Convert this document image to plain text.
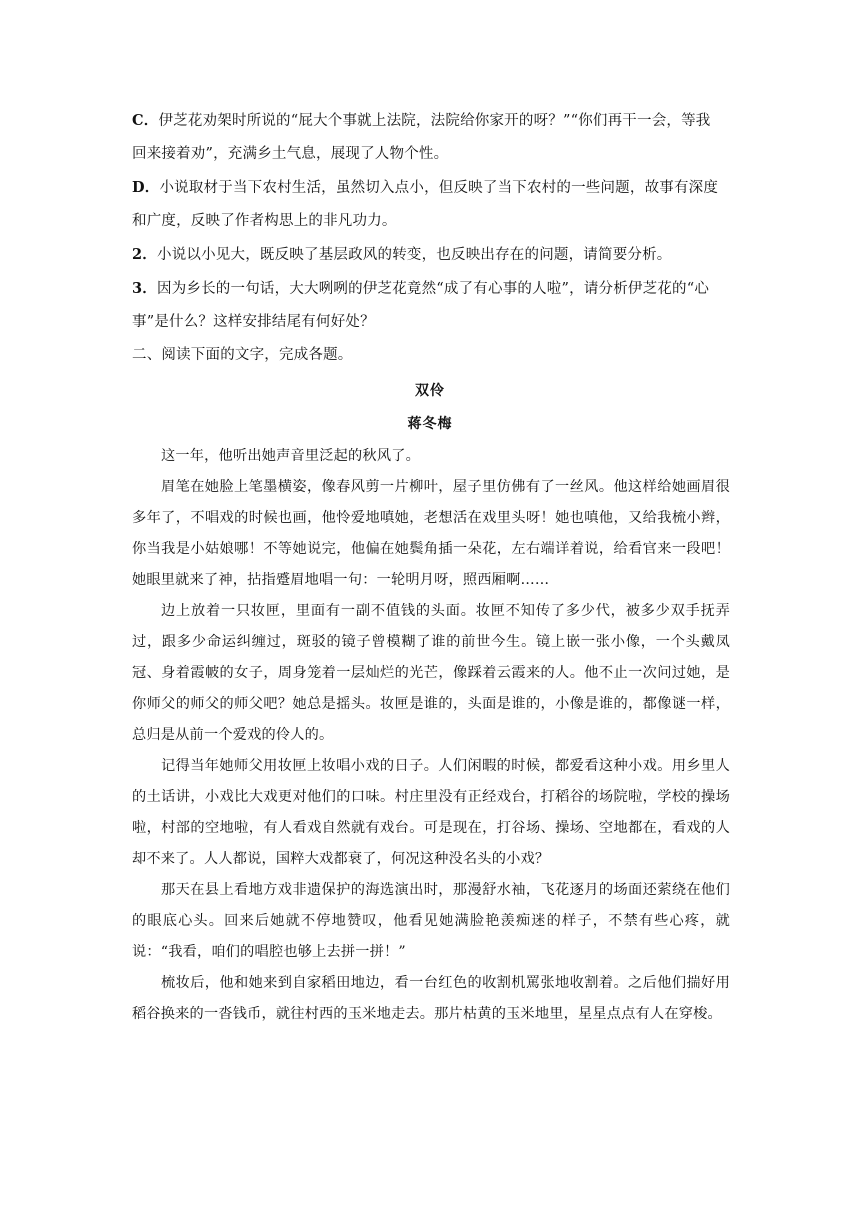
C．伊芝花劝架时所说的“屁大个事就上法院，法院给你家开的呀？”“你们再干一会，等我
回来接着劝”，充满乡土气息，展现了人物个性。
D．小说取材于当下农村生活，虽然切入点小，但反映了当下农村的一些问题，故事有深度
和广度，反映了作者构思上的非凡功力。
2．小说以小见大，既反映了基层政风的转变，也反映出存在的问题，请简要分析。
3．因为乡长的一句话，大大咧咧的伊芝花竟然“成了有心事的人啦”，请分析伊芝花的“心
事”是什么？这样安排结尾有何好处？
二、阅读下面的文字，完成各题。
双伶
蒋冬梅

这一年，他听出她声音里泛起的秋风了。

眉笔在她脸上笔墨横姿，像春风剪一片柳叶，屋子里仿佛有了一丝风。他这样给她画眉很多年了，不唱戏的时候也画，他怜爱地嗔她，老想活在戏里头呀！她也嗔他，又给我梳小辫，你当我是小姑娘哪！不等她说完，他偏在她鬓角插一朵花，左右端详着说，给看官来一段吧！她眼里就来了神，拈指蹙眉地唱一句：一轮明月呀，照西厢啊……

边上放着一只妆匣，里面有一副不值钱的头面。妆匣不知传了多少代，被多少双手抚弄过，跟多少命运纠缠过，斑驳的镜子曾模糊了谁的前世今生。镜上嵌一张小像，一个头戴凤冠、身着霞帔的女子，周身笼着一层灿烂的光芒，像踩着云霞来的人。他不止一次问过她，是你师父的师父的师父吧？她总是摇头。妆匣是谁的，头面是谁的，小像是谁的，都像谜一样，总归是从前一个爱戏的伶人的。

记得当年她师父用妆匣上妆唱小戏的日子。人们闲暇的时候，都爱看这种小戏。用乡里人的土话讲，小戏比大戏更对他们的口味。村庄里没有正经戏台，打稻谷的场院啦，学校的操场啦，村部的空地啦，有人看戏自然就有戏台。可是现在，打谷场、操场、空地都在，看戏的人却不来了。人人都说，国粹大戏都衰了，何况这种没名头的小戏？

那天在县上看地方戏非遗保护的海选演出时，那漫舒水袖，飞花逐月的场面还萦绕在他们的眼底心头。回来后她就不停地赞叹，他看见她满脸艳羡痴迷的样子，不禁有些心疼，就说：“我看，咱们的唱腔也够上去拼一拼！”

梳妆后，他和她来到自家稻田地边，看一台红色的收割机罵张地收割着。之后他们揣好用稻谷换来的一沓钱币，就往村西的玉米地走去。那片枯黄的玉米地里，星星点点有人在穿梭。
